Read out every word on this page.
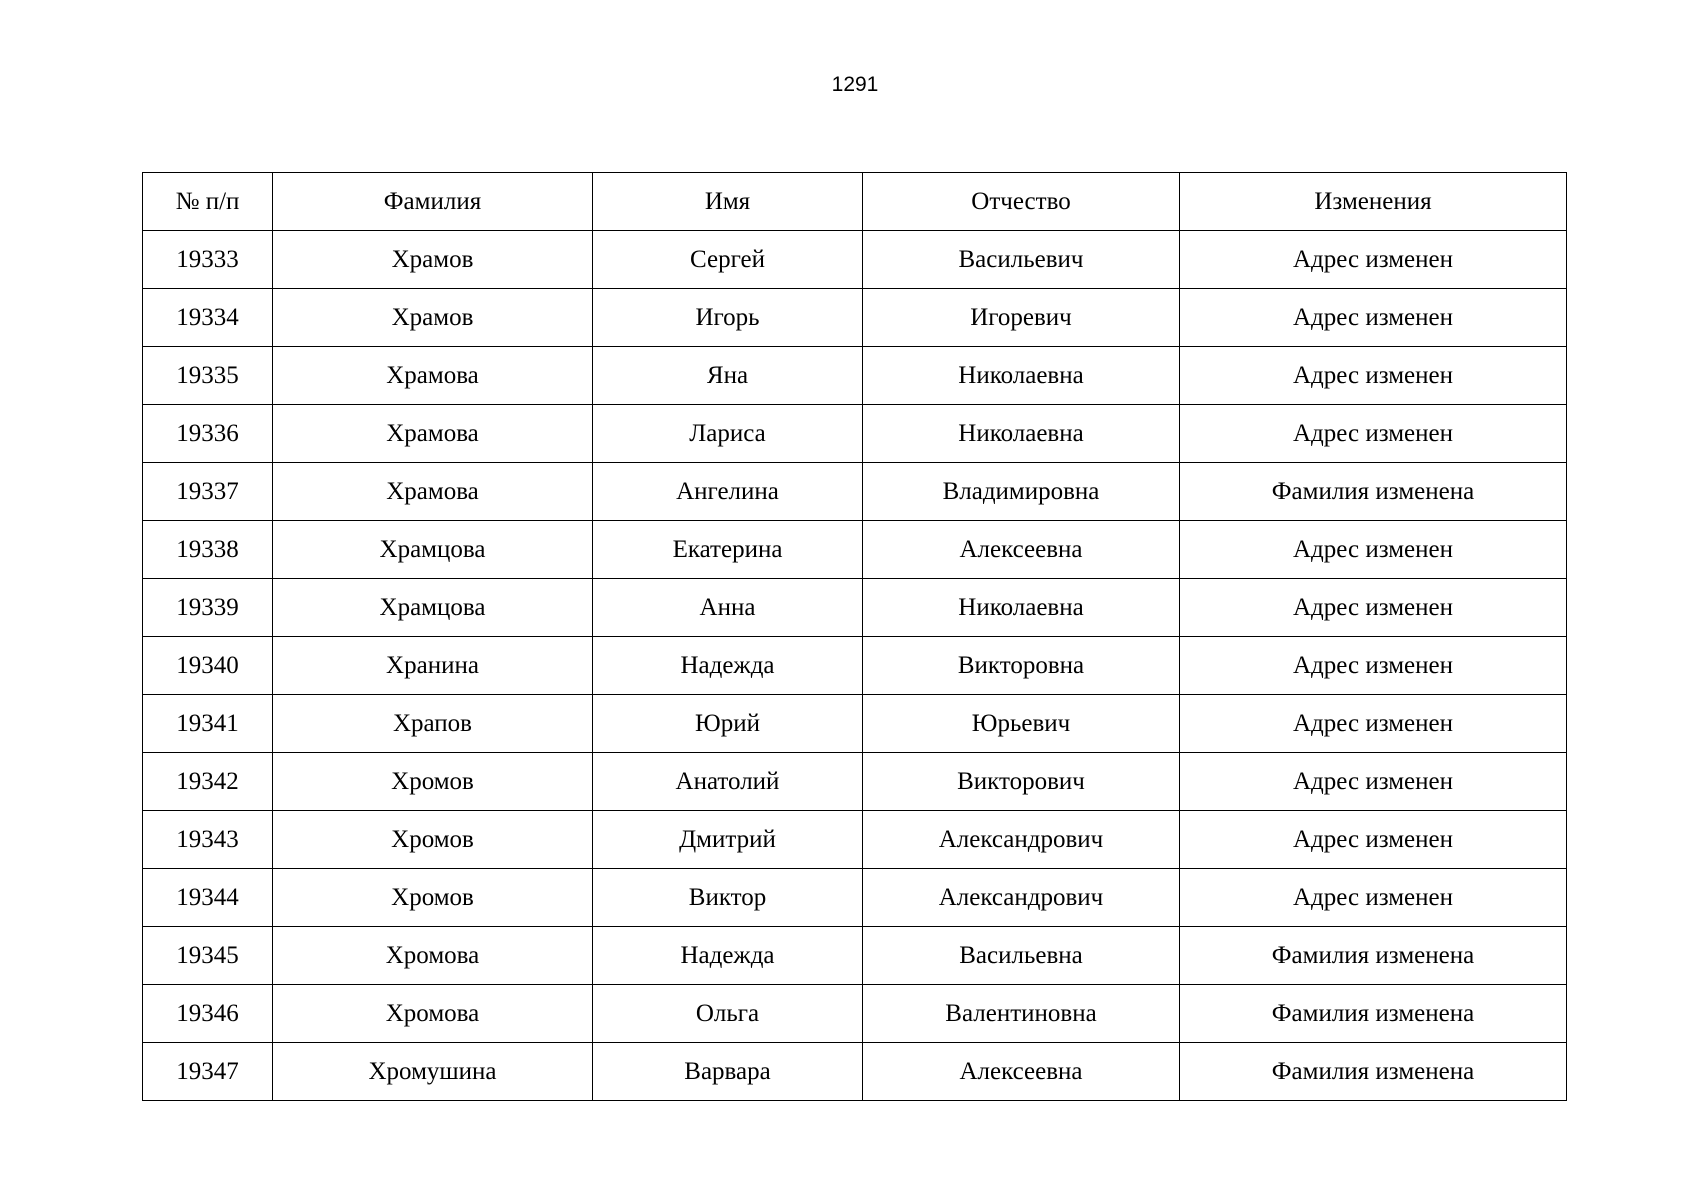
1291
№ п/п	Фамилия	Имя	Отчество	Изменения
19333	Храмов	Сергей	Васильевич	Адрес изменен
19334	Храмов	Игорь	Игоревич	Адрес изменен
19335	Храмова	Яна	Николаевна	Адрес изменен
19336	Храмова	Лариса	Николаевна	Адрес изменен
19337	Храмова	Ангелина	Владимировна	Фамилия изменена
19338	Храмцова	Екатерина	Алексеевна	Адрес изменен
19339	Храмцова	Анна	Николаевна	Адрес изменен
19340	Хранина	Надежда	Викторовна	Адрес изменен
19341	Храпов	Юрий	Юрьевич	Адрес изменен
19342	Хромов	Анатолий	Викторович	Адрес изменен
19343	Хромов	Дмитрий	Александрович	Адрес изменен
19344	Хромов	Виктор	Александрович	Адрес изменен
19345	Хромова	Надежда	Васильевна	Фамилия изменена
19346	Хромова	Ольга	Валентиновна	Фамилия изменена
19347	Хромушина	Варвара	Алексеевна	Фамилия изменена
